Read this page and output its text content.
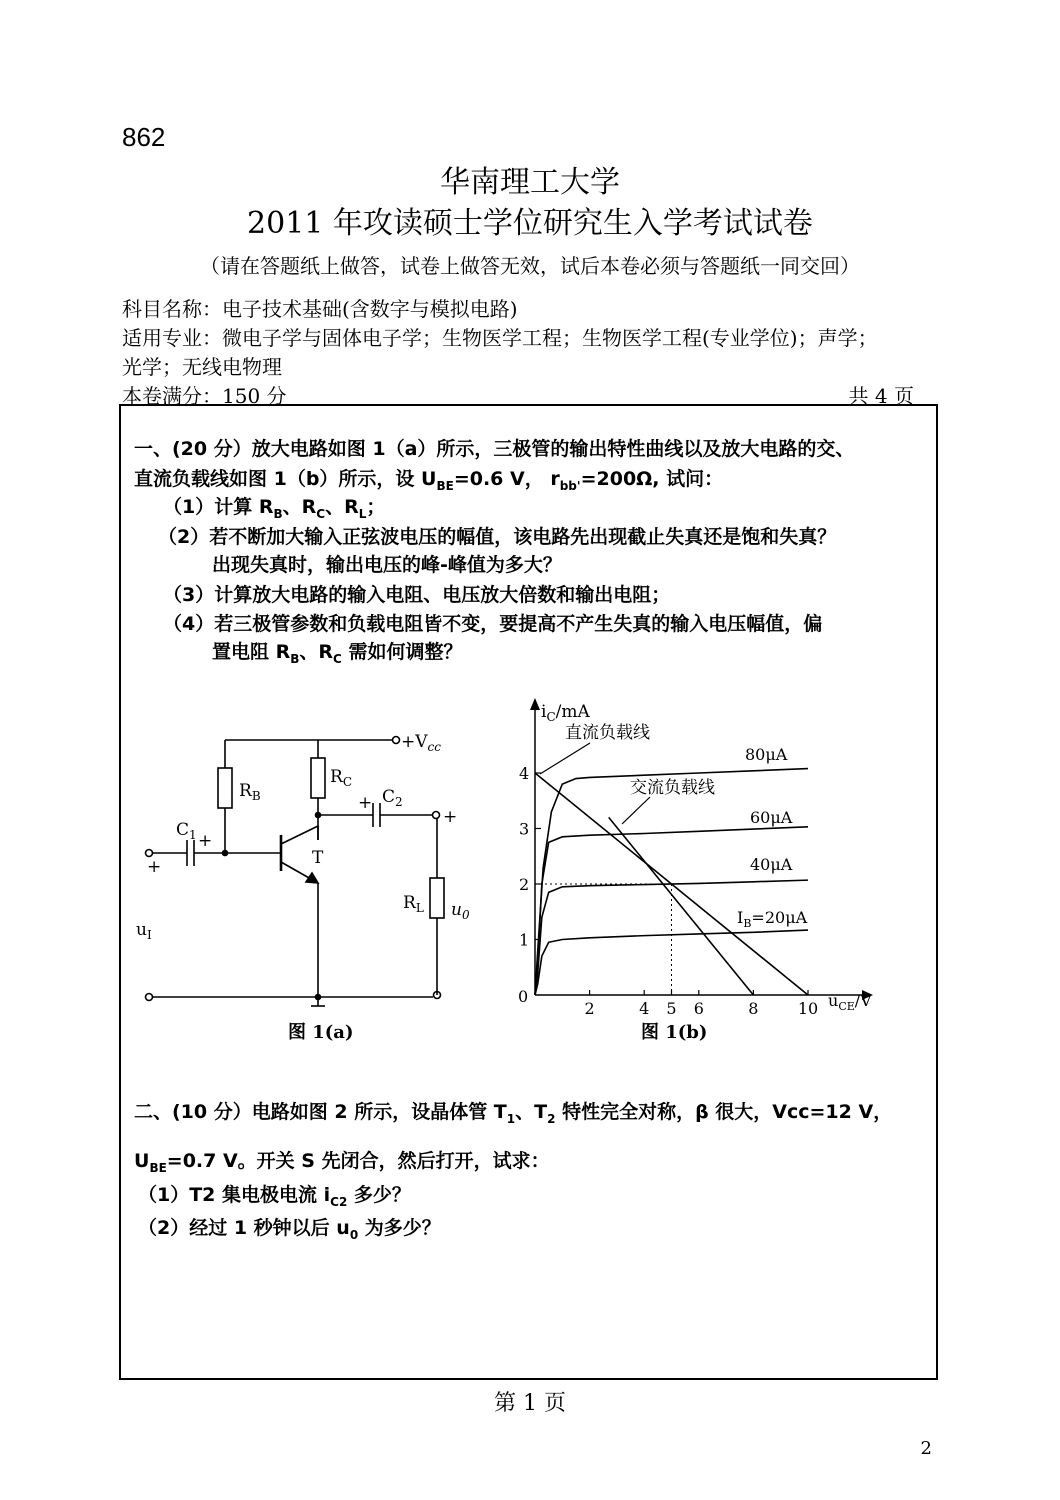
862
华南理工大学
2011 年攻读硕士学位研究生入学考试试卷
（请在答题纸上做答，试卷上做答无效，试后本卷必须与答题纸一同交回）
科目名称：电子技术基础(含数字与模拟电路)
适用专业：微电子学与固体电子学；生物医学工程；生物医学工程(专业学位)；声学；
光学；无线电物理
本卷满分：150 分	共 4 页
一、(20 分）放大电路如图 1（a）所示，三极管的输出特性曲线以及放大电路的交、
直流负载线如图 1（b）所示，设 $U_{BE}=0.6$ V， $r_{bb'}=200\Omega$, 试问：
（1）计算 $R_B$、$R_C$、$R_L$；
（2）若不断加大输入正弦波电压的幅值，该电路先出现截止失真还是饱和失真？
出现失真时，输出电压的峰-峰值为多大？
（3）计算放大电路的输入电阻、电压放大倍数和输出电阻；
（4）若三极管参数和负载电阻皆不变，要提高不产生失真的输入电压幅值，偏
置电阻 $R_B$、$R_C$ 需如何调整？
$+V_{cc}$
$R_B$
$R_C$
$C_1$ +
$C_2$
+
T
$R_L$ $u_0$
+
+
$u_I$
图 1(a)
$i_C/mA$
$u_{CE}/V$
0
直流负载线
交流负载线
80μA
60μA
40μA
$I_B=20\mu A$
图 1(b)
2	4 5 6	8 10
1
2
3
4
二、(10 分）电路如图 2 所示，设晶体管 $T_1$、$T_2$ 特性完全对称，β 很大，Vcc=12 V，
$U_{BE}=0.7$ V。开关 S 先闭合，然后打开，试求：
（1）T2 集电极电流 $i_{C2}$ 多少？
（2）经过 1 秒钟以后 $u_0$ 为多少？
第 1 页
2
